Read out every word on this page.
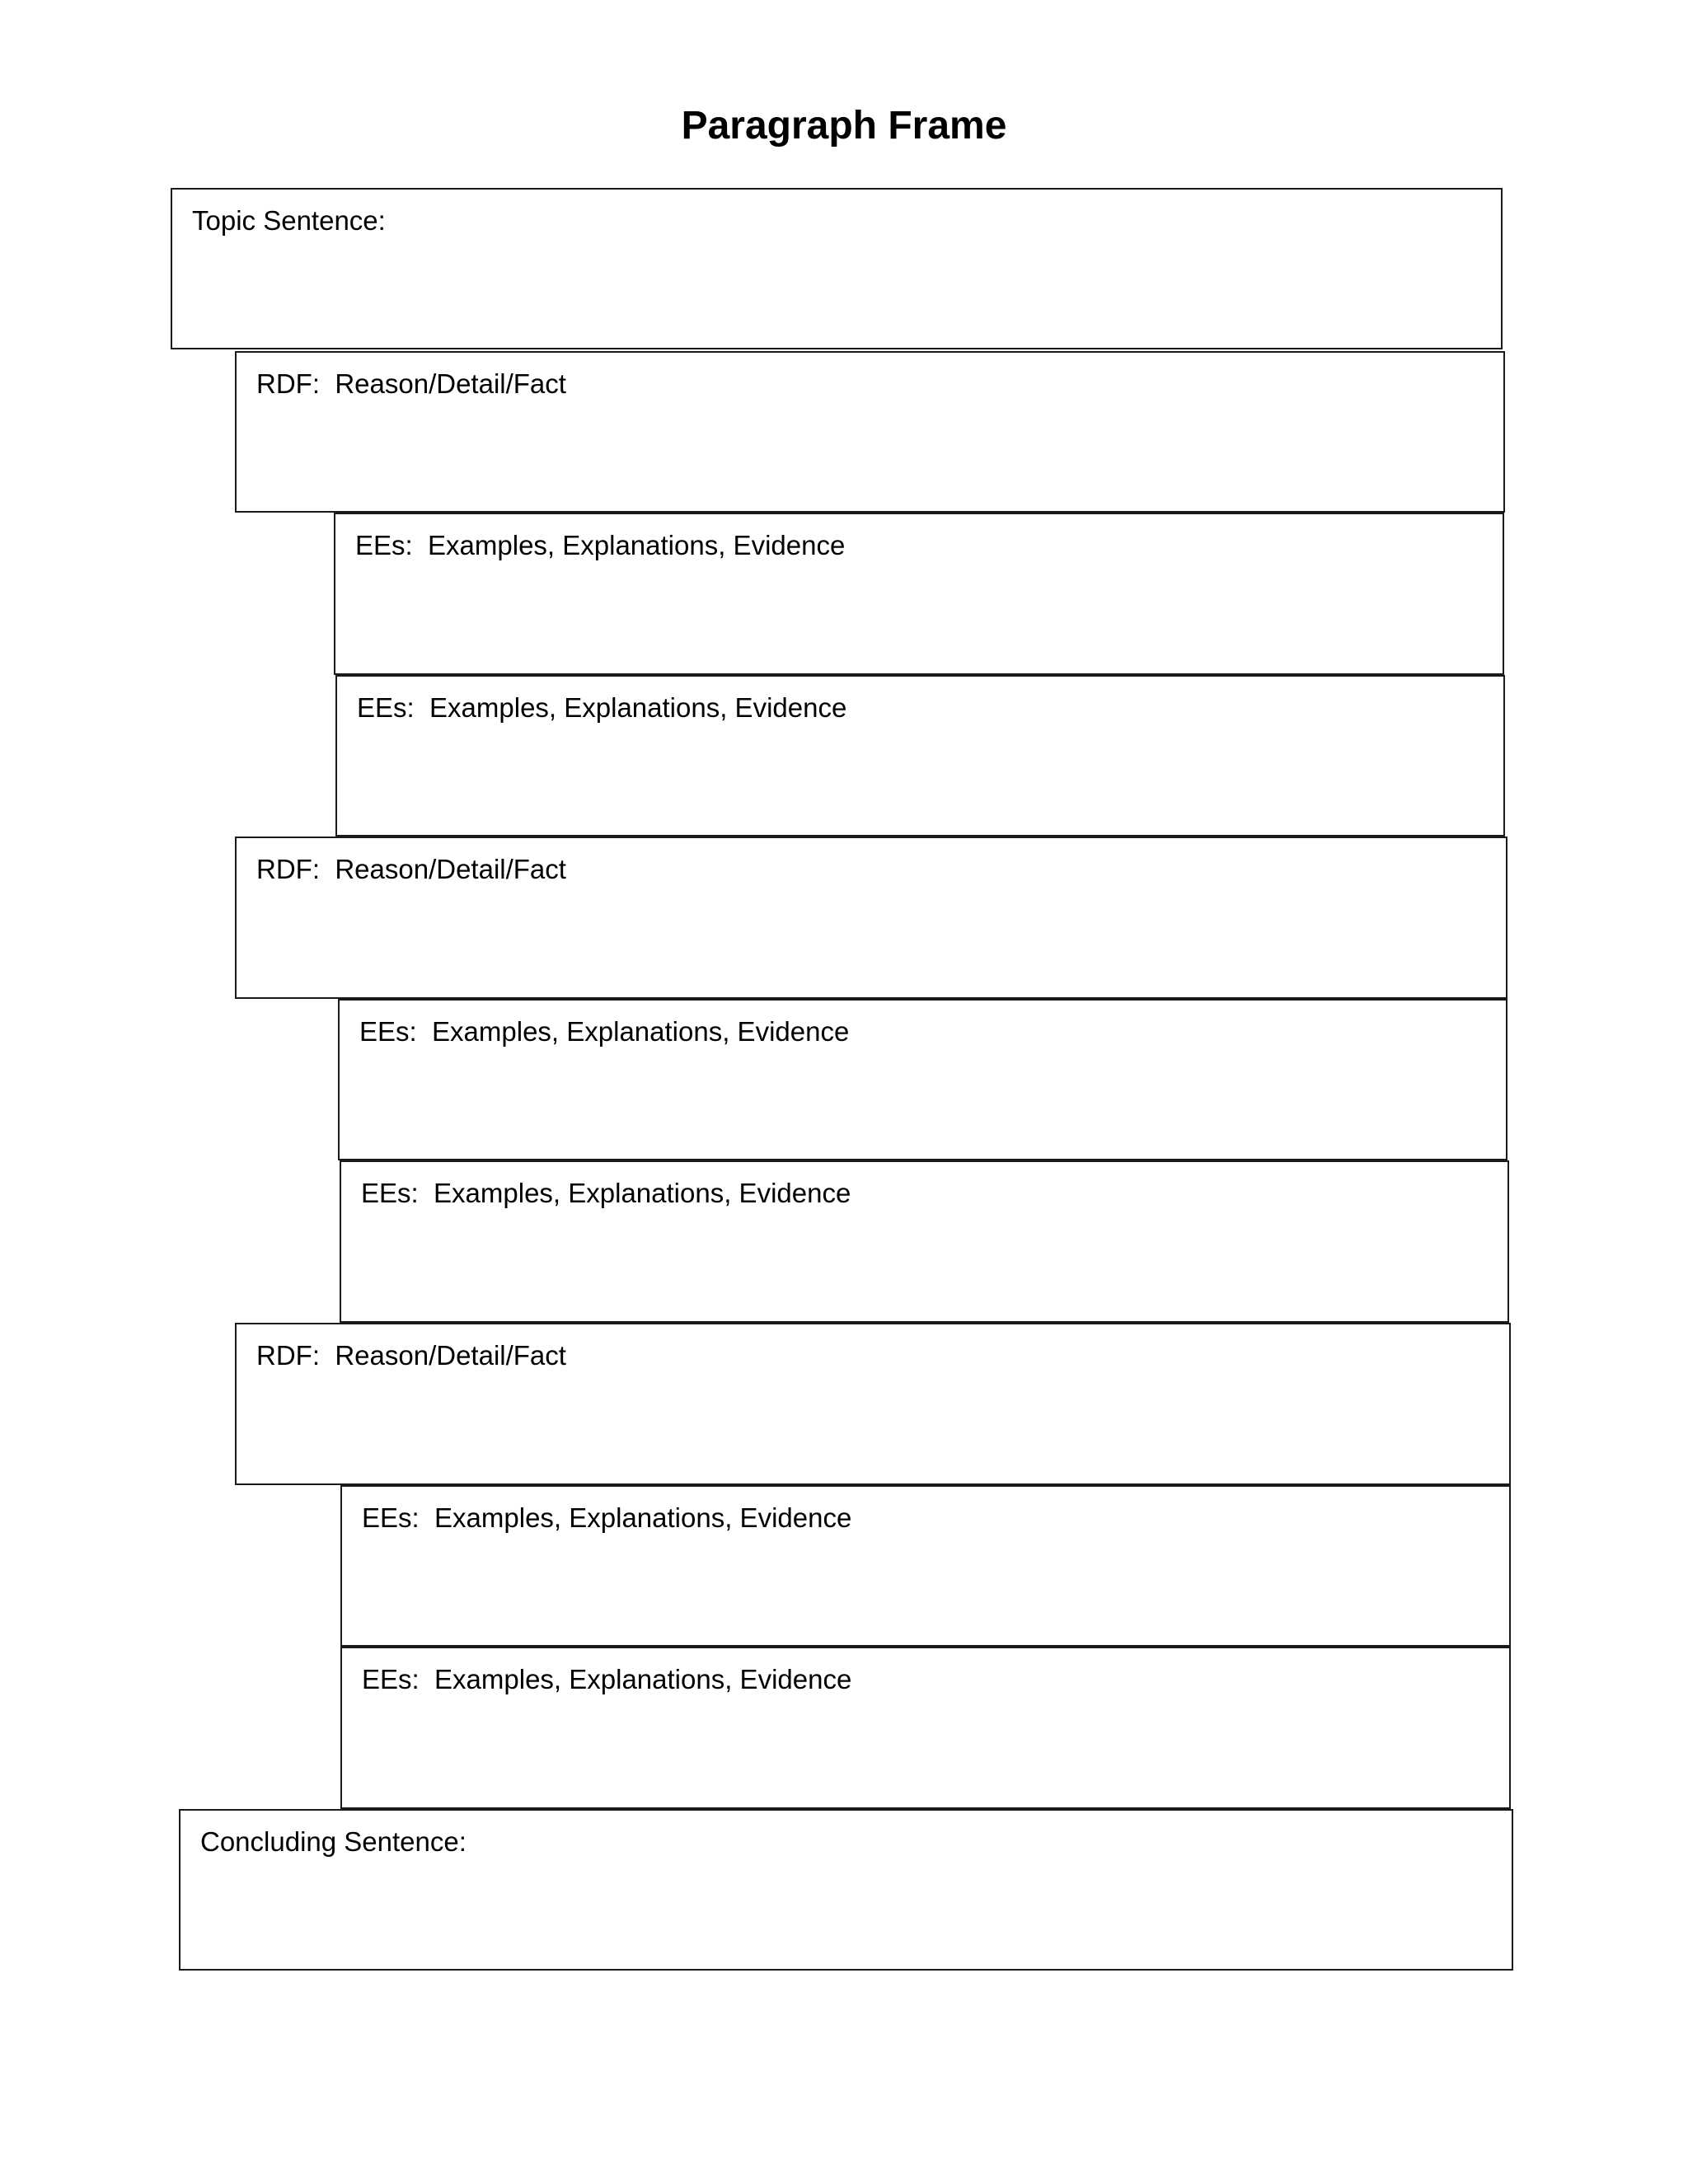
Paragraph Frame
Topic Sentence:
RDF:  Reason/Detail/Fact
EEs:  Examples, Explanations, Evidence
EEs:  Examples, Explanations, Evidence
RDF:  Reason/Detail/Fact
EEs:  Examples, Explanations, Evidence
EEs:  Examples, Explanations, Evidence
RDF:  Reason/Detail/Fact
EEs:  Examples, Explanations, Evidence
EEs:  Examples, Explanations, Evidence
Concluding Sentence:
